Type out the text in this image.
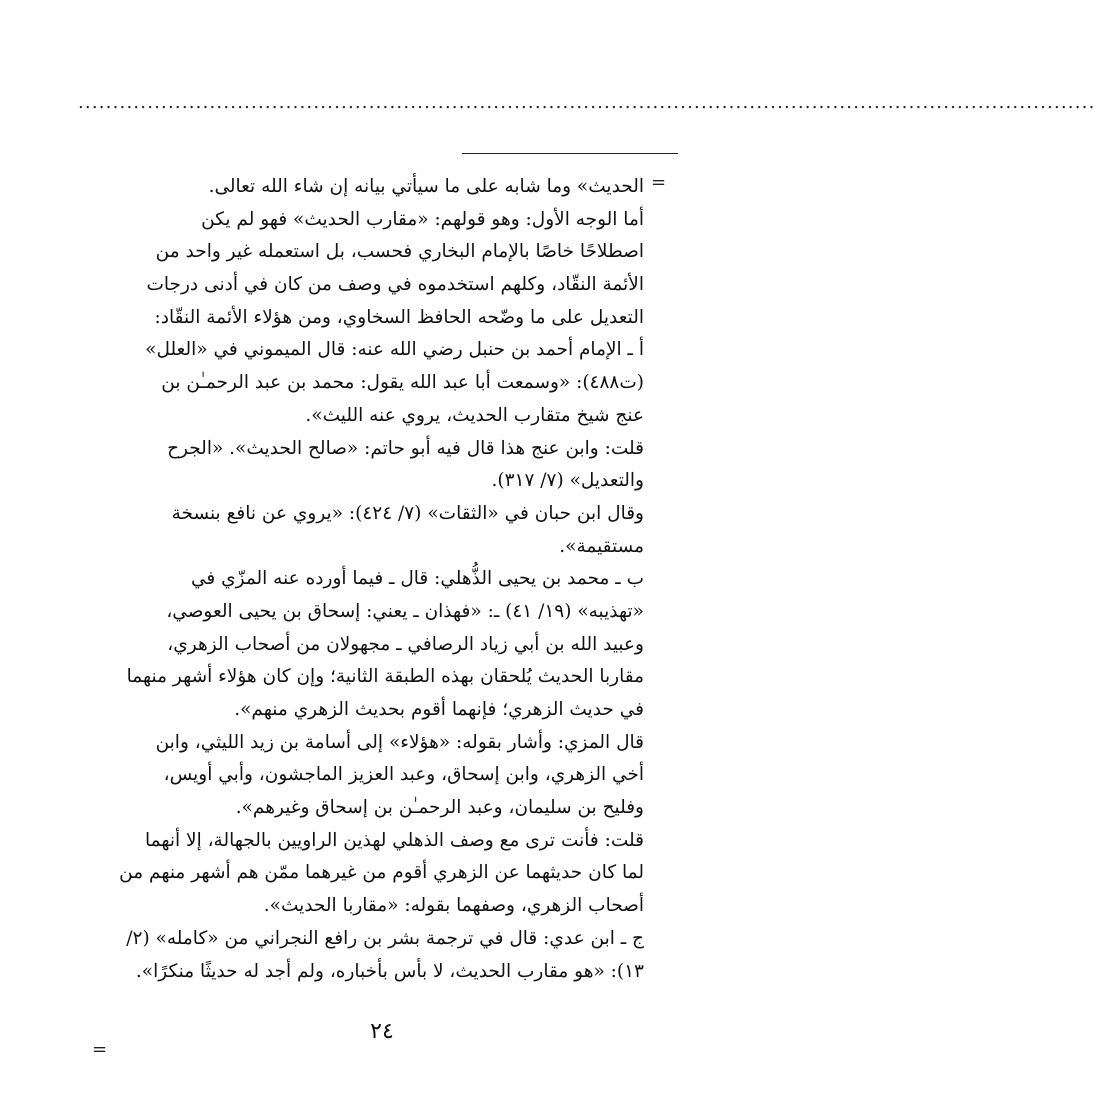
...................................................................................................................................................
=
الحديث» وما شابه على ما سيأتي بيانه إن شاء الله تعالى.
أما الوجه الأول: وهو قولهم: «مقارب الحديث» فهو لم يكن
اصطلاحًا خاصًا بالإمام البخاري فحسب، بل استعمله غير واحد من
الأئمة النقّاد، وكلهم استخدموه في وصف من كان في أدنى درجات
التعديل على ما وضّحه الحافظ السخاوي، ومن هؤلاء الأئمة النقّاد:
أ ـ الإمام أحمد بن حنبل رضي الله عنه: قال الميموني في «العلل»
(ت٤٨٨): «وسمعت أبا عبد الله يقول: محمد بن عبد الرحمـٰن بن
عنج شيخ متقارب الحديث، يروي عنه الليث».
قلت: وابن عنج هذا قال فيه أبو حاتم: «صالح الحديث». «الجرح
والتعديل» (٧/ ٣١٧).
وقال ابن حبان في «الثقات» (٧/ ٤٢٤): «يروي عن نافع بنسخة
مستقيمة».
ب ـ محمد بن يحيى الذُّهلي: قال ـ فيما أورده عنه المزّي في
«تهذيبه» (١٩/ ٤١) ـ: «فهذان ـ يعني: إسحاق بن يحيى العوصي،
وعبيد الله بن أبي زياد الرصافي ـ مجهولان من أصحاب الزهري،
مقاربا الحديث يُلحقان بهذه الطبقة الثانية؛ وإن كان هؤلاء أشهر منهما
في حديث الزهري؛ فإنهما أقوم بحديث الزهري منهم».
قال المزي: وأشار بقوله: «هؤلاء» إلى أسامة بن زيد الليثي، وابن
أخي الزهري، وابن إسحاق، وعبد العزيز الماجشون، وأبي أويس،
وفليح بن سليمان، وعبد الرحمـٰن بن إسحاق وغيرهم».
قلت: فأنت ترى مع وصف الذهلي لهذين الراويين بالجهالة، إلا أنهما
لما كان حديثهما عن الزهري أقوم من غيرهما ممّن هم أشهر منهم من
أصحاب الزهري، وصفهما بقوله: «مقاربا الحديث».
ج ـ ابن عدي: قال في ترجمة بشر بن رافع النجراني من «كامله» (٢/
١٣): «هو مقارب الحديث، لا بأس بأخباره، ولم أجد له حديثًا منكرًا».
=
٢٤
